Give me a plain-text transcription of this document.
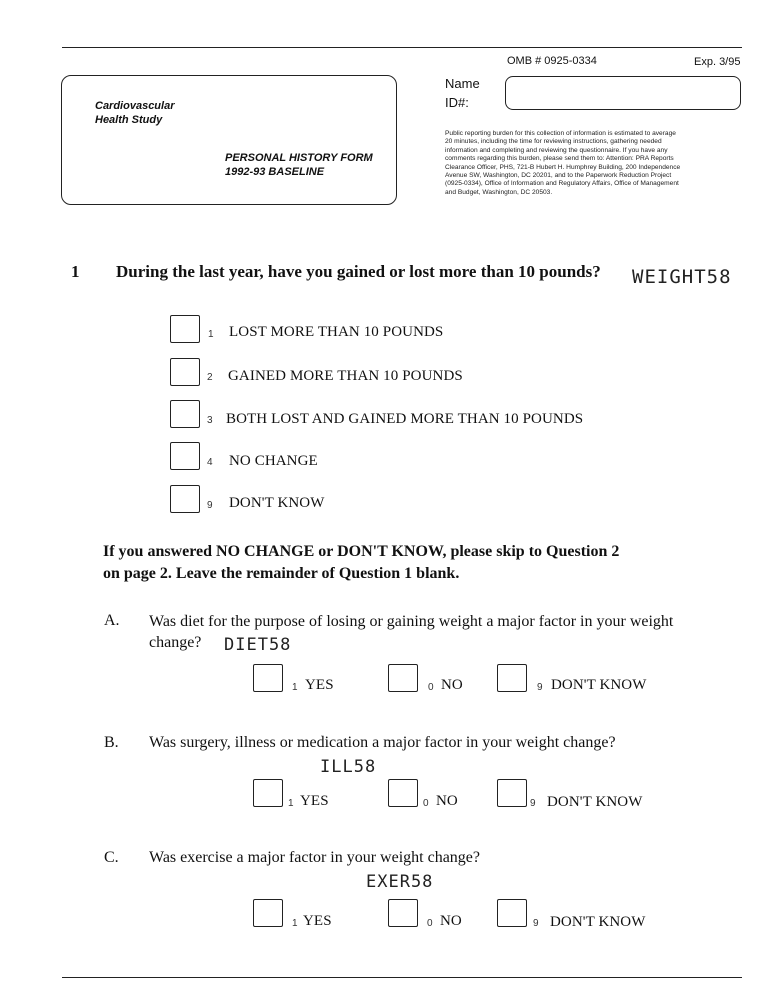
OMB # 0925-0334	Exp. 3/95
Cardiovascular
Health Study
PERSONAL HISTORY FORM
1992-93 BASELINE
Name
ID#:
Public reporting burden for this collection of information is estimated to average
20 minutes, including the time for reviewing instructions, gathering needed
information and completing and reviewing the questionnaire. If you have any
comments regarding this burden, please send them to: Attention: PRA Reports
Clearance Officer, PHS, 721-B Hubert H. Humphrey Building, 200 Independence
Avenue SW, Washington, DC 20201, and to the Paperwork Reduction Project
(0925-0334), Office of Information and Regulatory Affairs, Office of Management
and Budget, Washington, DC 20503.
1 During the last year, have you gained or lost more than 10 pounds? WEIGHT58
1 LOST MORE THAN 10 POUNDS
2 GAINED MORE THAN 10 POUNDS
3 BOTH LOST AND GAINED MORE THAN 10 POUNDS
4 NO CHANGE
9 DON'T KNOW
If you answered NO CHANGE or DON'T KNOW, please skip to Question 2
on page 2. Leave the remainder of Question 1 blank.
A. Was diet for the purpose of losing or gaining weight a major factor in your weight
change? DIET58
1 YES	0 NO	9 DON'T KNOW
B. Was surgery, illness or medication a major factor in your weight change?
ILL58
1 YES	0 NO	9 DON'T KNOW
C. Was exercise a major factor in your weight change?
EXER58
1 YES	0 NO	9 DON'T KNOW
